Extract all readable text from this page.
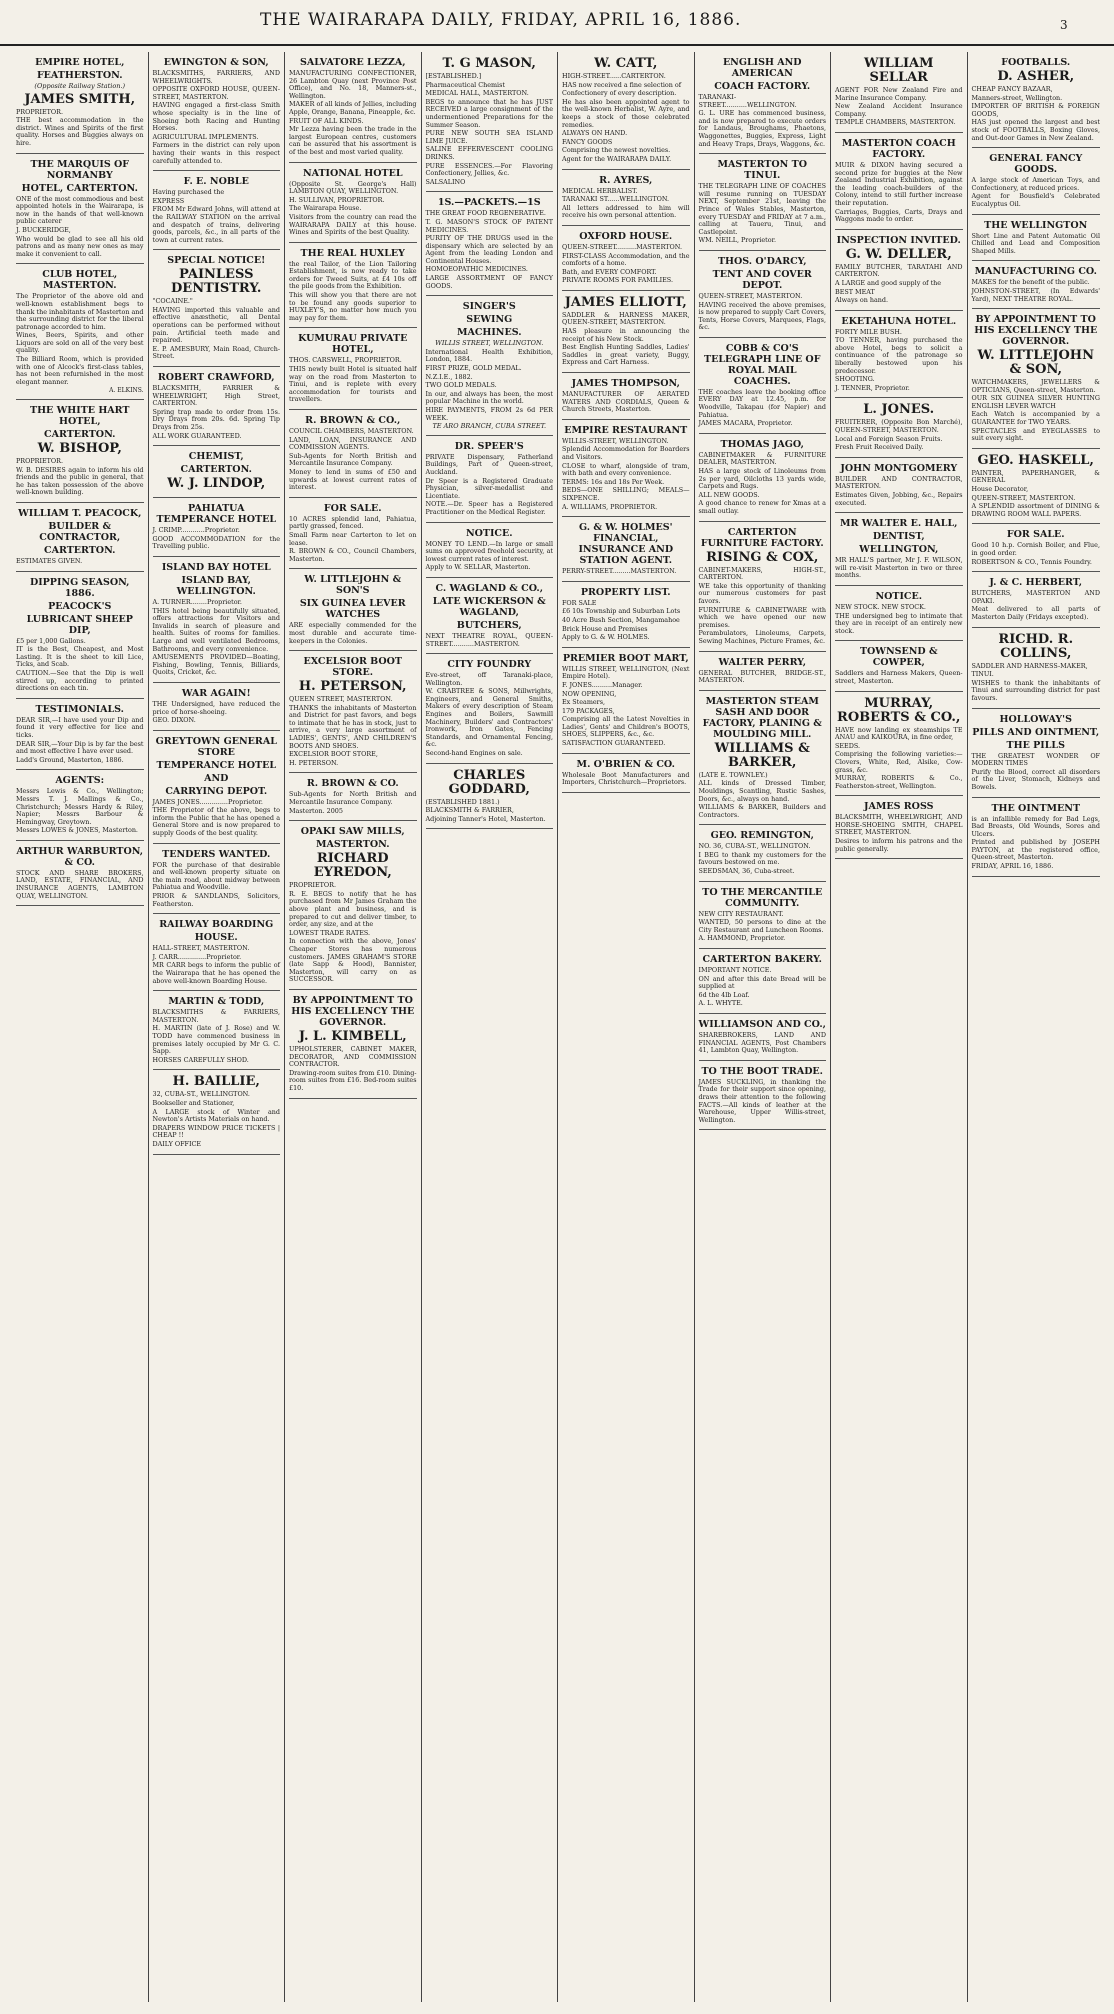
THE WAIRARAPA DAILY, FRIDAY, APRIL 16, 1886.	3
EMPIRE HOTEL,
FEATHERSTON.
(Opposite Railway Station.)
JAMES SMITH,

PROPRIETOR.

THE best accommodation in the district. Wines and Spirits of the first quality. Horses and Buggies always on hire.

THE MARQUIS OF NORMANBY
HOTEL, CARTERTON.

ONE of the most commodious and best appointed hotels in the Wairarapa, is now in the hands of that well-known public caterer

J. BUCKERIDGE,

Who would be glad to see all his old patrons and as many new ones as may make it convenient to call.

CLUB HOTEL, MASTERTON.

The Proprietor of the above old and well-known establishment begs to thank the inhabitants of Masterton and the surrounding district for the liberal patronage accorded to him.

Wines, Beers, Spirits, and other Liquors are sold on all of the very best quality.

The Billiard Room, which is provided with one of Alcock's first-class tables, has not been refurnished in the most elegant manner.

A. ELKINS.
THE WHITE HART HOTEL,
CARTERTON.
W. BISHOP,

PROPRIETOR.

W. B. DESIRES again to inform his old friends and the public in general, that he has taken possession of the above well-known building.

WILLIAM T. PEACOCK,
BUILDER & CONTRACTOR,
CARTERTON.

ESTIMATES GIVEN.

DIPPING SEASON, 1886.
PEACOCK'S
LUBRICANT SHEEP DIP,

£5 per 1,000 Gallons.

IT is the Best, Cheapest, and Most Lasting. It is the sheet to kill Lice, Ticks, and Scab.

CAUTION.—See that the Dip is well stirred up, according to printed directions on each tin.

TESTIMONIALS.

DEAR SIR,—I have used your Dip and found it very effective for lice and ticks.

DEAR SIR,—Your Dip is by far the best and most effective I have ever used.

Ladd's Ground, Masterton, 1886.

AGENTS:

Messrs Lewis & Co., Wellington; Messrs T. J. Mallings & Co., Christchurch; Messrs Hardy & Riley, Napier; Messrs Barbour & Hemingway, Greytown.

Messrs LOWES & JONES, Masterton.

ARTHUR WARBURTON, & CO.

STOCK AND SHARE BROKERS, LAND, ESTATE, FINANCIAL, AND INSURANCE AGENTS, LAMBTON QUAY, WELLINGTON.

EWINGTON & SON,

BLACKSMITHS, FARRIERS, AND WHEELWRIGHTS.

OPPOSITE OXFORD HOUSE, QUEEN-STREET, MASTERTON.

HAVING engaged a first-class Smith whose specialty is in the line of Shoeing both Racing and Hunting Horses.

AGRICULTURAL IMPLEMENTS.

Farmers in the district can rely upon having their wants in this respect carefully attended to.

F. E. NOBLE

Having purchased the

EXPRESS

FROM Mr Edward Johns, will attend at the RAILWAY STATION on the arrival and despatch of trains, delivering goods, parcels, &c., in all parts of the town at current rates.

SPECIAL NOTICE!
PAINLESS DENTISTRY.

"COCAINE."

HAVING imported this valuable and effective anæsthetic, all Dental operations can be performed without pain. Artificial teeth made and repaired.

E. P. AMESBURY, Main Road, Church-Street.

ROBERT CRAWFORD,

BLACKSMITH, FARRIER & WHEELWRIGHT, High Street, CARTERTON.

Spring trap made to order from 15s. Dry Drays from 20s. 6d. Spring Tip Drays from 25s.

ALL WORK GUARANTEED.

CHEMIST,
CARTERTON.
W. J. LINDOP,
PAHIATUA TEMPERANCE HOTEL

J. CRIMP............Proprietor.

GOOD ACCOMMODATION for the Travelling public.

ISLAND BAY HOTEL
ISLAND BAY, WELLINGTON.

A. TURNER........Proprietor.

THIS hotel being beautifully situated, offers attractions for Visitors and Invalids in search of pleasure and health. Suites of rooms for families. Large and well ventilated Bedrooms, Bathrooms, and every convenience.

AMUSEMENTS PROVIDED—Boating, Fishing, Bowling, Tennis, Billiards, Quoits, Cricket, &c.

WAR AGAIN!

THE Undersigned, have reduced the price of horse-shoeing.

GEO. DIXON.

GREYTOWN GENERAL STORE
TEMPERANCE HOTEL
AND
CARRYING DEPOT.

JAMES JONES..............Proprietor.

THE Proprietor of the above, begs to inform the Public that he has opened a General Store and is now prepared to supply Goods of the best quality.

TENDERS WANTED.

FOR the purchase of that desirable and well-known property situate on the main road, about midway between Pahiatua and Woodville.

PRIOR & SANDLANDS, Solicitors, Featherston.

RAILWAY BOARDING
HOUSE.

HALL-STREET, MASTERTON.

J. CARR..............Proprietor.

MR CARR begs to inform the public of the Wairarapa that he has opened the above well-known Boarding House.

MARTIN & TODD,

BLACKSMITHS & FARRIERS, MASTERTON.

H. MARTIN (late of J. Rose) and W. TODD have commenced business in premises lately occupied by Mr G. C. Sapp.

HORSES CAREFULLY SHOD.

H. BAILLIE,

32, CUBA-ST., WELLINGTON.

Bookseller and Stationer,

A LARGE stock of Winter and Newton's Artists Materials on hand.

DRAPERS WINDOW PRICE TICKETS | CHEAP !!

DAILY OFFICE

SALVATORE LEZZA,

MANUFACTURING CONFECTIONER, 26 Lambton Quay (next Province Post Office), and No. 18, Manners-st., Wellington.

MAKER of all kinds of Jellies, including Apple, Orange, Banana, Pineapple, &c.

FRUIT OF ALL KINDS.

Mr Lezza having been the trade in the largest European centres, customers can be assured that his assortment is of the best and most varied quality.

NATIONAL HOTEL

(Opposite St. George's Hall) LAMBTON QUAY, WELLINGTON.

H. SULLIVAN, PROPRIETOR.

The Wairarapa House.

Visitors from the country can read the WAIRARAPA DAILY at this house. Wines and Spirits of the best Quality.

THE REAL HUXLEY

the real Tailor, of the Lion Tailoring Establishment, is now ready to take orders for Tweed Suits, at £4 10s off the pile goods from the Exhibition.

This will show you that there are not to be found any goods superior to HUXLEY'S, no matter how much you may pay for them.

KUMURAU PRIVATE HOTEL,

THOS. CARSWELL, PROPRIETOR.

THIS newly built Hotel is situated half way on the road from Masterton to Tinui, and is replete with every accommodation for tourists and travellers.

R. BROWN & CO.,

COUNCIL CHAMBERS, MASTERTON.

LAND, LOAN, INSURANCE AND COMMISSION AGENTS.

Sub-Agents for North British and Mercantile Insurance Company.

Money to lend in sums of £50 and upwards at lowest current rates of interest.

FOR SALE.

10 ACRES splendid land, Pahiatua, partly grassed, fenced.

Small Farm near Carterton to let on lease.

R. BROWN & CO., Council Chambers, Masterton.

W. LITTLEJOHN & SON'S
SIX GUINEA LEVER WATCHES

ARE especially commended for the most durable and accurate time-keepers in the Colonies.

EXCELSIOR BOOT STORE.
H. PETERSON,

QUEEN STREET, MASTERTON.

THANKS the inhabitants of Masterton and District for past favors, and begs to intimate that he has in stock, just to arrive, a very large assortment of LADIES', GENTS', AND CHILDREN'S BOOTS AND SHOES.

EXCELSIOR BOOT STORE,

H. PETERSON.

R. BROWN & CO.

Sub-Agents for North British and Mercantile Insurance Company.

Masterton. 2005

OPAKI SAW MILLS,
MASTERTON.
RICHARD EYREDON,

PROPRIETOR.

R. E. BEGS to notify that he has purchased from Mr James Graham the above plant and business, and is prepared to cut and deliver timber, to order, any size, and at the

LOWEST TRADE RATES.

In connection with the above, Jones' Cheaper Stores has numerous customers. JAMES GRAHAM'S STORE (late Sapp & Hood), Bannister, Masterton, will carry on as SUCCESSOR.

BY APPOINTMENT TO HIS EXCELLENCY THE GOVERNOR.
J. L. KIMBELL,

UPHOLSTERER, CABINET MAKER, DECORATOR, AND COMMISSION CONTRACTOR.

Drawing-room suites from £10. Dining-room suites from £16. Bed-room suites £10.

T. G MASON,

[ESTABLISHED.]

Pharmaceutical Chemist

MEDICAL HALL, MASTERTON.

BEGS to announce that he has JUST RECEIVED a large consignment of the undermentioned Preparations for the Summer Season.

PURE NEW SOUTH SEA ISLAND LIME JUICE.

SALINE EFFERVESCENT COOLING DRINKS.

PURE ESSENCES.—For Flavoring Confectionery, Jellies, &c.

SALSALINO

1S.—PACKETS.—1S

THE GREAT FOOD REGENERATIVE.

T. G. MASON'S STOCK OF PATENT MEDICINES.

PURITY OF THE DRUGS used in the dispensary which are selected by an Agent from the leading London and Continental Houses.

HOMOEOPATHIC MEDICINES.

LARGE ASSORTMENT OF FANCY GOODS.

SINGER'S
SEWING
MACHINES.
WILLIS STREET, WELLINGTON.

International Health Exhibition, London, 1884.

FIRST PRIZE, GOLD MEDAL.

N.Z.I.E., 1882.

TWO GOLD MEDALS.

In our, and always has been, the most popular Machine in the world.

HIRE PAYMENTS, FROM 2s 6d PER WEEK.

TE ARO BRANCH, CUBA STREET.
DR. SPEER'S

PRIVATE Dispensary, Fatherland Buildings, Part of Queen-street, Auckland.

Dr Speer is a Registered Graduate Physician, silver-medallist and Licentiate.

NOTE.—Dr. Speer has a Registered Practitioner on the Medical Register.

NOTICE.

MONEY TO LEND.—In large or small sums on approved freehold security, at lowest current rates of interest.

Apply to W. SELLAR, Masterton.

C. WAGLAND & CO.,
LATE WICKERSON & WAGLAND,
BUTCHERS,

NEXT THEATRE ROYAL, QUEEN-STREET...........MASTERTON.

CITY FOUNDRY

Eve-street, off Taranaki-place, Wellington.

W. CRABTREE & SONS, Millwrights, Engineers, and General Smiths, Makers of every description of Steam Engines and Boilers, Sawmill Machinery, Builders' and Contractors' Ironwork, Iron Gates, Fencing Standards, and Ornamental Fencing, &c.

Second-hand Engines on sale.

CHARLES GODDARD,

(ESTABLISHED 1881.)

BLACKSMITH & FARRIER,

Adjoining Tanner's Hotel, Masterton.

W. CATT,

HIGH-STREET......CARTERTON.

HAS now received a fine selection of

Confectionery of every description.

He has also been appointed agent to the well-known Herbalist, W. Ayre, and keeps a stock of those celebrated remedies.

ALWAYS ON HAND.

FANCY GOODS

Comprising the newest novelties.

Agent for the WAIRARAPA DAILY.

R. AYRES,

MEDICAL HERBALIST.

TARANAKI ST......WELLINGTON.

All letters addressed to him will receive his own personal attention.

OXFORD HOUSE.

QUEEN-STREET..........MASTERTON.

FIRST-CLASS Accommodation, and the comforts of a home.

Bath, and EVERY COMFORT.

PRIVATE ROOMS FOR FAMILIES.

JAMES ELLIOTT,

SADDLER & HARNESS MAKER, QUEEN-STREET, MASTERTON.

HAS pleasure in announcing the receipt of his New Stock.

Best English Hunting Saddles, Ladies' Saddles in great variety, Buggy, Express and Cart Harness.

JAMES THOMPSON,

MANUFACTURER OF AERATED WATERS AND CORDIALS, Queen & Church Streets, Masterton.

EMPIRE RESTAURANT

WILLIS-STREET, WELLINGTON.

Splendid Accommodation for Boarders and Visitors.

CLOSE to wharf, alongside of tram, with bath and every convenience.

TERMS: 16s and 18s Per Week.

BEDS—ONE SHILLING; MEALS—SIXPENCE.

A. WILLIAMS, PROPRIETOR.

G. & W. HOLMES' FINANCIAL, INSURANCE AND STATION AGENT.

PERRY-STREET.........MASTERTON.

PROPERTY LIST.

FOR SALE

£6 10s Township and Suburban Lots

40 Acre Bush Section, Mangamahoe

Brick House and Premises

Apply to G. & W. HOLMES.

PREMIER BOOT MART,

WILLIS STREET, WELLINGTON, (Next Empire Hotel).

F. JONES..........Manager.

NOW OPENING,

Ex Steamers,

179 PACKAGES,

Comprising all the Latest Novelties in Ladies', Gents' and Children's BOOTS, SHOES, SLIPPERS, &c., &c.

SATISFACTION GUARANTEED.

M. O'BRIEN & CO.

Wholesale Boot Manufacturers and Importers, Christchurch—Proprietors.

ENGLISH AND AMERICAN
COACH FACTORY.

TARANAKI-STREET...........WELLINGTON.

G. L. URE has commenced business, and is now prepared to execute orders for Landaus, Broughams, Phaetons, Waggonettes, Buggies, Express, Light and Heavy Traps, Drays, Waggons, &c.

MASTERTON TO TINUI.

THE TELEGRAPH LINE OF COACHES will resume running on TUESDAY NEXT, September 21st, leaving the Prince of Wales Stables, Masterton, every TUESDAY and FRIDAY at 7 a.m., calling at Taueru, Tinui, and Castlepoint.

WM. NEILL, Proprietor.

THOS. O'DARCY,
TENT AND COVER DEPOT.

QUEEN-STREET, MASTERTON.

HAVING received the above premises, is now prepared to supply Cart Covers, Tents, Horse Covers, Marquees, Flags, &c.

COBB & CO'S TELEGRAPH LINE OF ROYAL MAIL COACHES.

THE coaches leave the booking office EVERY DAY at 12.45, p.m. for Woodville, Takapau (for Napier) and Pahiatua.

JAMES MACARA, Proprietor.

THOMAS JAGO,

CABINETMAKER & FURNITURE DEALER, MASTERTON.

HAS a large stock of Linoleums from 2s per yard, Oilcloths 13 yards wide, Carpets and Rugs.

ALL NEW GOODS.

A good chance to renew for Xmas at a small outlay.

CARTERTON FURNITURE FACTORY.
RISING & COX,

CABINET-MAKERS, HIGH-ST., CARTERTON.

WE take this opportunity of thanking our numerous customers for past favors.

FURNITURE & CABINETWARE with which we have opened our new premises.

Perambulators, Linoleums, Carpets, Sewing Machines, Picture Frames, &c.

WALTER PERRY,

GENERAL BUTCHER, BRIDGE-ST., MASTERTON.

MASTERTON STEAM SASH AND DOOR FACTORY, PLANING & MOULDING MILL.
WILLIAMS & BARKER,

(LATE E. TOWNLEY.)

ALL kinds of Dressed Timber, Mouldings, Scantling, Rustic Sashes, Doors, &c., always on hand.

WILLIAMS & BARKER, Builders and Contractors.

GEO. REMINGTON,

NO. 36, CUBA-ST., WELLINGTON.

I BEG to thank my customers for the favours bestowed on me.

SEEDSMAN, 36, Cuba-street.

TO THE MERCANTILE COMMUNITY.

NEW CITY RESTAURANT.

WANTED, 50 persons to dine at the City Restaurant and Luncheon Rooms.

A. HAMMOND, Proprietor.

CARTERTON BAKERY.

IMPORTANT NOTICE.

ON and after this date Bread will be supplied at

6d the 4lb Loaf.

A. L. WHYTE.

WILLIAMSON AND CO.,

SHAREBROKERS, LAND AND FINANCIAL AGENTS, Post Chambers 41, Lambton Quay, Wellington.

TO THE BOOT TRADE.

JAMES SUCKLING, in thanking the Trade for their support since opening, draws their attention to the following FACTS.—All kinds of leather at the Warehouse, Upper Willis-street, Wellington.

WILLIAM SELLAR

AGENT FOR New Zealand Fire and Marine Insurance Company.

New Zealand Accident Insurance Company.

TEMPLE CHAMBERS, MASTERTON.

MASTERTON COACH FACTORY.

MUIR & DIXON having secured a second prize for buggies at the New Zealand Industrial Exhibition, against the leading coach-builders of the Colony, intend to still further increase their reputation.

Carriages, Buggies, Carts, Drays and Waggons made to order.

INSPECTION INVITED.
G. W. DELLER,

FAMILY BUTCHER, TARATAHI AND CARTERTON.

A LARGE and good supply of the

BEST MEAT

Always on hand.

EKETAHUNA HOTEL.

FORTY MILE BUSH.

TO TENNER, having purchased the above Hotel, begs to solicit a continuance of the patronage so liberally bestowed upon his predecessor.

SHOOTING.

J. TENNER, Proprietor.

L. JONES.

FRUITERER, (Opposite Bon Marché), QUEEN-STREET, MASTERTON.

Local and Foreign Season Fruits.

Fresh Fruit Received Daily.

JOHN MONTGOMERY

BUILDER AND CONTRACTOR, MASTERTON.

Estimates Given, Jobbing, &c., Repairs executed.

MR WALTER E. HALL,
DENTIST,
WELLINGTON,

MR HALL'S partner, Mr J. F. WILSON, will re-visit Masterton in two or three months.

NOTICE.

NEW STOCK. NEW STOCK.

THE undersigned beg to intimate that they are in receipt of an entirely new stock.

TOWNSEND & COWPER,

Saddlers and Harness Makers, Queen-street, Masterton.

MURRAY, ROBERTS & CO.,

HAVE now landing ex steamships TE ANAU and KAIKOURA, in fine order,

SEEDS.

Comprising the following varieties:—Clovers, White, Red, Alsike, Cow-grass, &c.

MURRAY, ROBERTS & Co., Featherston-street, Wellington.

JAMES ROSS

BLACKSMITH, WHEELWRIGHT, AND HORSE-SHOEING SMITH, CHAPEL STREET, MASTERTON.

Desires to inform his patrons and the public generally.

FOOTBALLS.
D. ASHER,

CHEAP FANCY BAZAAR,

Manners-street, Wellington.

IMPORTER OF BRITISH & FOREIGN GOODS,

HAS just opened the largest and best stock of FOOTBALLS, Boxing Gloves, and Out-door Games in New Zealand.

GENERAL FANCY GOODS.

A large stock of American Toys, and Confectionery, at reduced prices.

Agent for Bousfield's Celebrated Eucalyptus Oil.

THE WELLINGTON

Short Line and Patent Automatic Oil Chilled and Lead and Composition Shaped Mills.

MANUFACTURING CO.

MAKES for the benefit of the public.

JOHNSTON-STREET, (In Edwards' Yard), NEXT THEATRE ROYAL.

BY APPOINTMENT TO HIS EXCELLENCY THE GOVERNOR.
W. LITTLEJOHN & SON,

WATCHMAKERS, JEWELLERS & OPTICIANS, Queen-street, Masterton.

OUR SIX GUINEA SILVER HUNTING ENGLISH LEVER WATCH

Each Watch is accompanied by a GUARANTEE for TWO YEARS.

SPECTACLES and EYEGLASSES to suit every sight.

GEO. HASKELL,

PAINTER, PAPERHANGER, & GENERAL

House Decorator,

QUEEN-STREET, MASTERTON.

A SPLENDID assortment of DINING & DRAWING ROOM WALL PAPERS.

FOR SALE.

Good 10 h.p. Cornish Boiler, and Flue, in good order.

ROBERTSON & CO., Tennis Foundry.

J. & C. HERBERT,

BUTCHERS, MASTERTON AND OPAKI.

Meat delivered to all parts of Masterton Daily (Fridays excepted).

RICHD. R. COLLINS,

SADDLER AND HARNESS-MAKER,

TINUI.

WISHES to thank the inhabitants of Tinui and surrounding district for past favours.

HOLLOWAY'S
PILLS AND OINTMENT,
THE PILLS

THE GREATEST WONDER OF MODERN TIMES

Purify the Blood, correct all disorders of the Liver, Stomach, Kidneys and Bowels.

THE OINTMENT

is an infallible remedy for Bad Legs, Bad Breasts, Old Wounds, Sores and Ulcers.

Printed and published by JOSEPH PAYTON, at the registered office, Queen-street, Masterton.

FRIDAY, APRIL 16, 1886.
